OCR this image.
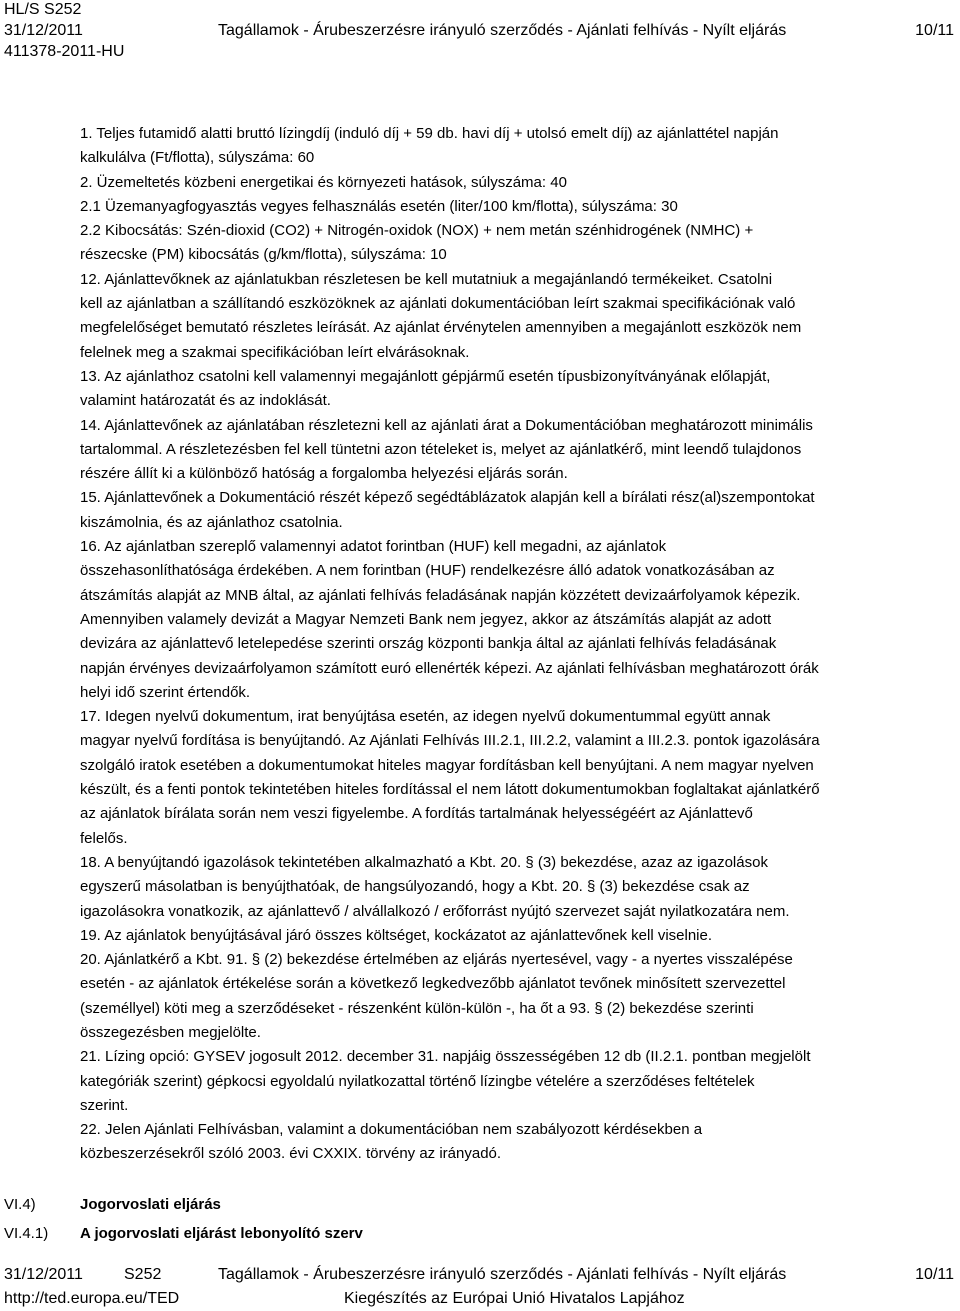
HL/S S252
31/12/2011	Tagállamok - Árubeszerzésre irányuló szerződés - Ajánlati felhívás - Nyílt eljárás	10/11
411378-2011-HU

1. Teljes futamidő alatti bruttó lízingdíj (induló díj + 59 db. havi díj + utolsó emelt díj) az ajánlattétel napján
kalkulálva (Ft/flotta), súlyszáma: 60

2. Üzemeltetés közbeni energetikai és környezeti hatások, súlyszáma: 40

2.1 Üzemanyagfogyasztás vegyes felhasználás esetén (liter/100 km/flotta), súlyszáma: 30

2.2 Kibocsátás: Szén-dioxid (CO2) + Nitrogén-oxidok (NOX) + nem metán szénhidrogének (NMHC) +
részecske (PM) kibocsátás (g/km/flotta), súlyszáma: 10

12. Ajánlattevőknek az ajánlatukban részletesen be kell mutatniuk a megajánlandó termékeiket. Csatolni
kell az ajánlatban a szállítandó eszközöknek az ajánlati dokumentációban leírt szakmai specifikációnak való
megfelelőséget bemutató részletes leírását. Az ajánlat érvénytelen amennyiben a megajánlott eszközök nem
felelnek meg a szakmai specifikációban leírt elvárásoknak.

13. Az ajánlathoz csatolni kell valamennyi megajánlott gépjármű esetén típusbizonyítványának előlapját,
valamint határozatát és az indoklását.

14. Ajánlattevőnek az ajánlatában részletezni kell az ajánlati árat a Dokumentációban meghatározott minimális
tartalommal. A részletezésben fel kell tüntetni azon tételeket is, melyet az ajánlatkérő, mint leendő tulajdonos
részére állít ki a különböző hatóság a forgalomba helyezési eljárás során.

15. Ajánlattevőnek a Dokumentáció részét képező segédtáblázatok alapján kell a bírálati rész(al)szempontokat
kiszámolnia, és az ajánlathoz csatolnia.

16. Az ajánlatban szereplő valamennyi adatot forintban (HUF) kell megadni, az ajánlatok
összehasonlíthatósága érdekében. A nem forintban (HUF) rendelkezésre álló adatok vonatkozásában az
átszámítás alapját az MNB által, az ajánlati felhívás feladásának napján közzétett devizaárfolyamok képezik.
Amennyiben valamely devizát a Magyar Nemzeti Bank nem jegyez, akkor az átszámítás alapját az adott
devizára az ajánlattevő letelepedése szerinti ország központi bankja által az ajánlati felhívás feladásának
napján érvényes devizaárfolyamon számított euró ellenérték képezi. Az ajánlati felhívásban meghatározott órák
helyi idő szerint értendők.

17. Idegen nyelvű dokumentum, irat benyújtása esetén, az idegen nyelvű dokumentummal együtt annak
magyar nyelvű fordítása is benyújtandó. Az Ajánlati Felhívás III.2.1, III.2.2, valamint a III.2.3. pontok igazolására
szolgáló iratok esetében a dokumentumokat hiteles magyar fordításban kell benyújtani. A nem magyar nyelven
készült, és a fenti pontok tekintetében hiteles fordítással el nem látott dokumentumokban foglaltakat ajánlatkérő
az ajánlatok bírálata során nem veszi figyelembe. A fordítás tartalmának helyességéért az Ajánlattevő
felelős.

18. A benyújtandó igazolások tekintetében alkalmazható a Kbt. 20. § (3) bekezdése, azaz az igazolások
egyszerű másolatban is benyújthatóak, de hangsúlyozandó, hogy a Kbt. 20. § (3) bekezdése csak az
igazolásokra vonatkozik, az ajánlattevő / alvállalkozó / erőforrást nyújtó szervezet saját nyilatkozatára nem.

19. Az ajánlatok benyújtásával járó összes költséget, kockázatot az ajánlattevőnek kell viselnie.

20. Ajánlatkérő a Kbt. 91. § (2) bekezdése értelmében az eljárás nyertesével, vagy - a nyertes visszalépése
esetén - az ajánlatok értékelése során a következő legkedvezőbb ajánlatot tevőnek minősített szervezettel
(személlyel) köti meg a szerződéseket - részenként külön-külön -, ha őt a 93. § (2) bekezdése szerinti
összegezésben megjelölte.

21. Lízing opció: GYSEV jogosult 2012. december 31. napjáig összességében 12 db (II.2.1. pontban megjelölt
kategóriák szerint) gépkocsi egyoldalú nyilatkozattal történő lízingbe vételére a szerződéses feltételek
szerint.

22. Jelen Ajánlati Felhívásban, valamint a dokumentációban nem szabályozott kérdésekben a
közbeszerzésekről szóló 2003. évi CXXIX. törvény az irányadó.

VI.4)	Jogorvoslati eljárás
VI.4.1) A jogorvoslati eljárást lebonyolító szerv
31/12/2011	S252	Tagállamok - Árubeszerzésre irányuló szerződés - Ajánlati felhívás - Nyílt eljárás	10/11
http://ted.europa.eu/TED	Kiegészítés az Európai Unió Hivatalos Lapjához
